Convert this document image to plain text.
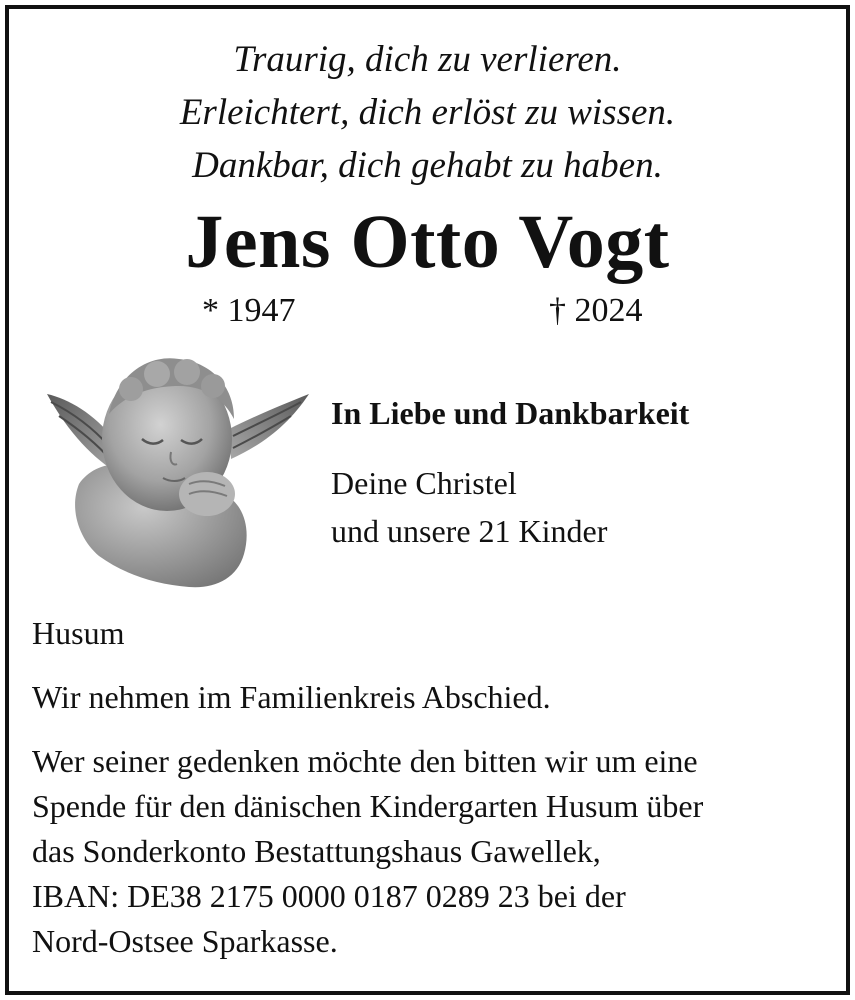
Traurig, dich zu verlieren.
Erleichtert, dich erlöst zu wissen.
Dankbar, dich gehabt zu haben.
Jens Otto Vogt
* 1947	† 2024
In Liebe und Dankbarkeit
Deine Christel
und unsere 21 Kinder
Husum
Wir nehmen im Familienkreis Abschied.
Wer seiner gedenken möchte den bitten wir um eine
Spende für den dänischen Kindergarten Husum über
das Sonderkonto Bestattungshaus Gawellek,
IBAN: DE38 2175 0000 0187 0289 23 bei der
Nord-Ostsee Sparkasse.
